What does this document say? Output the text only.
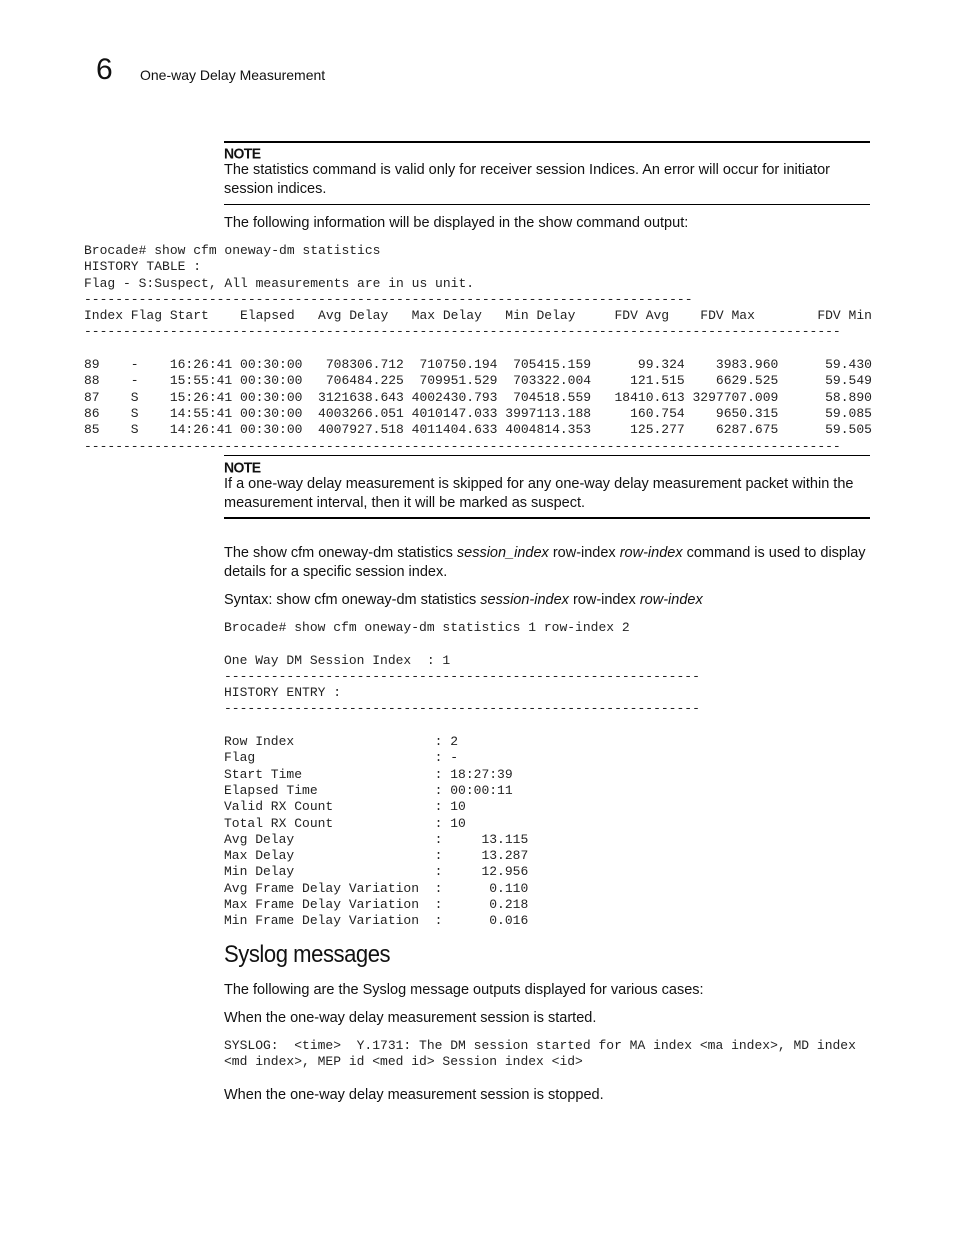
6 One-way Delay Measurement
NOTE
The statistics command is valid only for receiver session Indices. An error will occur for initiator session indices.
The following information will be displayed in the show command output:
Brocade# show cfm oneway-dm statistics
HISTORY TABLE :
Flag - S:Suspect, All measurements are in us unit.
------------------------------------------------------------------------------
Index Flag Start    Elapsed   Avg Delay   Max Delay   Min Delay     FDV Avg    FDV Max        FDV Min
-------------------------------------------------------------------------------------------------

89    -    16:26:41 00:30:00   708306.712  710750.194  705415.159      99.324    3983.960      59.430
88    -    15:55:41 00:30:00   706484.225  709951.529  703322.004     121.515    6629.525      59.549
87    S    15:26:41 00:30:00  3121638.643 4002430.793  704518.559   18410.613 3297707.009      58.890
86    S    14:55:41 00:30:00  4003266.051 4010147.033 3997113.188     160.754    9650.315      59.085
85    S    14:26:41 00:30:00  4007927.518 4011404.633 4004814.353     125.277    6287.675      59.505
-------------------------------------------------------------------------------------------------
NOTE
If a one-way delay measurement is skipped for any one-way delay measurement packet within the measurement interval, then it will be marked as suspect.
The show cfm oneway-dm statistics session_index row-index row-index command is used to display details for a specific session index.
Syntax: show cfm oneway-dm statistics session-index row-index row-index
Brocade# show cfm oneway-dm statistics 1 row-index 2

One Way DM Session Index  : 1
-------------------------------------------------------------
HISTORY ENTRY :
-------------------------------------------------------------

Row Index                  : 2
Flag                       : -
Start Time                 : 18:27:39
Elapsed Time               : 00:00:11
Valid RX Count             : 10
Total RX Count             : 10
Avg Delay                  :     13.115
Max Delay                  :     13.287
Min Delay                  :     12.956
Avg Frame Delay Variation  :      0.110
Max Frame Delay Variation  :      0.218
Min Frame Delay Variation  :      0.016
Syslog messages
The following are the Syslog message outputs displayed for various cases:
When the one-way delay measurement session is started.
SYSLOG:  <time>  Y.1731: The DM session started for MA index <ma index>, MD index
<md index>, MEP id <med id> Session index <id>
When the one-way delay measurement session is stopped.
